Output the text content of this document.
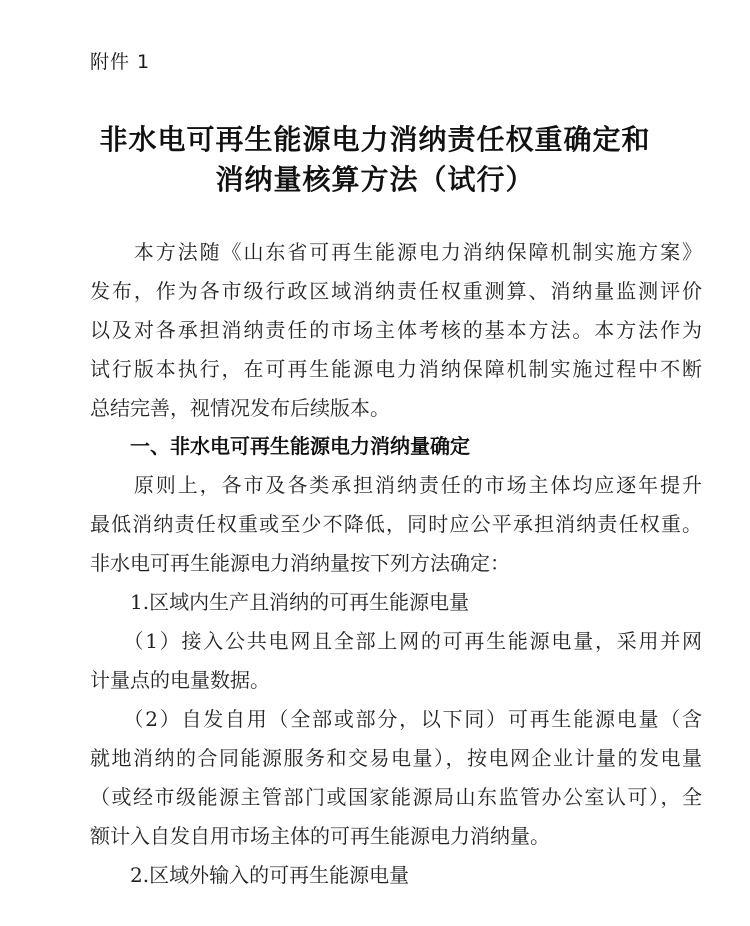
附件 1
非水电可再生能源电力消纳责任权重确定和
消纳量核算方法（试行）
　　本方法随《山东省可再生能源电力消纳保障机制实施方案》
发布，作为各市级行政区域消纳责任权重测算、消纳量监测评价
以及对各承担消纳责任的市场主体考核的基本方法。本方法作为
试行版本执行，在可再生能源电力消纳保障机制实施过程中不断
总结完善，视情况发布后续版本。
　　一、非水电可再生能源电力消纳量确定
　　原则上，各市及各类承担消纳责任的市场主体均应逐年提升
最低消纳责任权重或至少不降低，同时应公平承担消纳责任权重。
非水电可再生能源电力消纳量按下列方法确定：
　　1.区域内生产且消纳的可再生能源电量
　　（1）接入公共电网且全部上网的可再生能源电量，采用并网
计量点的电量数据。
　　（2）自发自用（全部或部分，以下同）可再生能源电量（含
就地消纳的合同能源服务和交易电量），按电网企业计量的发电量
（或经市级能源主管部门或国家能源局山东监管办公室认可），全
额计入自发自用市场主体的可再生能源电力消纳量。
　　2.区域外输入的可再生能源电量
